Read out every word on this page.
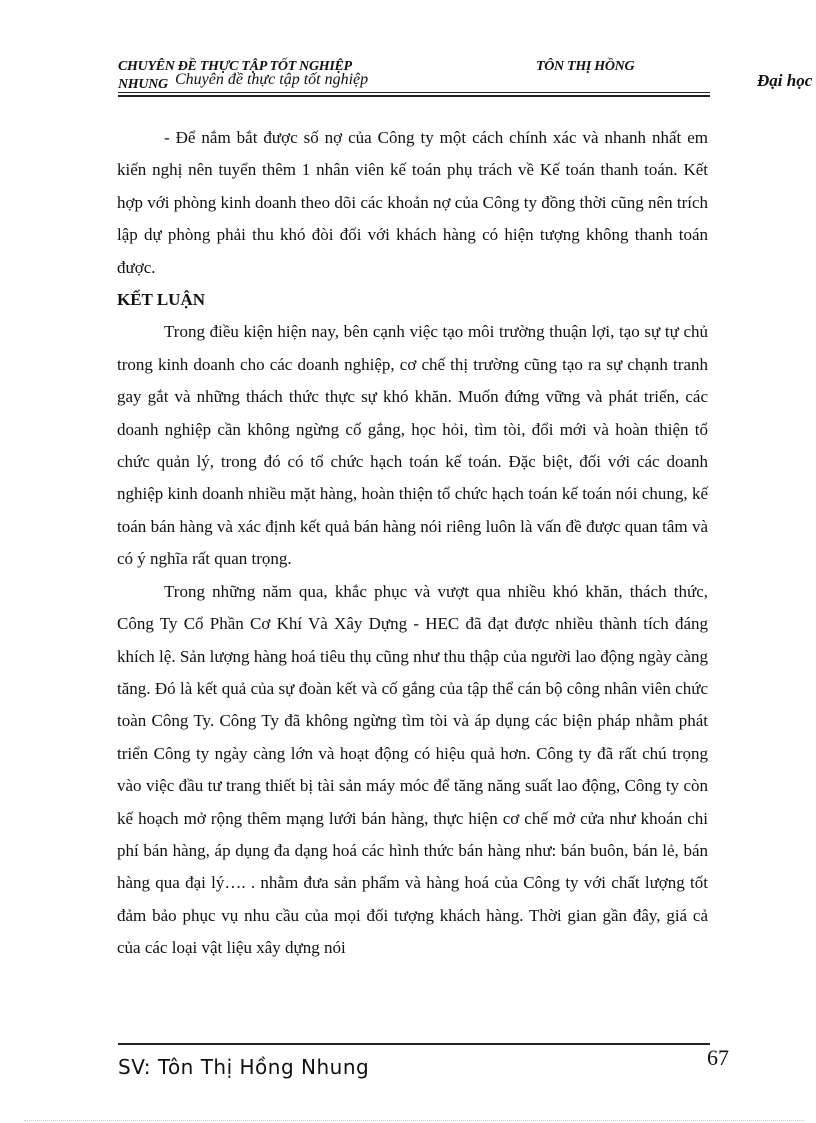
CHUYÊN ĐỀ THỰC TẬP TỐT NGHIỆP
NHUNG Chuyên đề thực tập tốt nghiệp
TÔN THỊ HỒNG
Đại học

- Để nắm bắt được số nợ của Công ty một cách chính xác và nhanh nhất em kiến nghị nên tuyển thêm 1 nhân viên kế toán phụ trách về Kế toán thanh toán. Kết hợp với phòng kinh doanh theo dõi các khoản nợ của Công ty đồng thời cũng nên trích lập dự phòng phải thu khó đòi đối với khách hàng có hiện tượng không thanh toán được.

KẾT LUẬN

Trong điều kiện hiện nay, bên cạnh việc tạo môi trường thuận lợi, tạo sự tự chủ trong kinh doanh cho các doanh nghiệp, cơ chế thị trường cũng tạo ra sự chạnh tranh gay gắt và những thách thức thực sự khó khăn. Muốn đứng vững và phát triển, các doanh nghiệp cần không ngừng cố gắng, học hỏi, tìm tòi, đổi mới và hoàn thiện tổ chức quản lý, trong đó có tổ chức hạch toán kế toán. Đặc biệt, đối với các doanh nghiệp kinh doanh nhiều mặt hàng, hoàn thiện tổ chức hạch toán kế toán nói chung, kế toán bán hàng và xác định kết quả bán hàng nói riêng luôn là vấn đề được quan tâm và có ý nghĩa rất quan trọng.

Trong những năm qua, khắc phục và vượt qua nhiều khó khăn, thách thức, Công Ty Cổ Phần Cơ Khí Và Xây Dựng - HEC đã đạt được nhiều thành tích đáng khích lệ. Sản lượng hàng hoá tiêu thụ cũng như thu thập của người lao động ngày càng tăng. Đó là kết quả của sự đoàn kết và cố gắng của tập thể cán bộ công nhân viên chức toàn Công Ty. Công Ty đã không ngừng tìm tòi và áp dụng các biện pháp nhằm phát triển Công ty ngày càng lớn và hoạt động có hiệu quả hơn. Công ty đã rất chú trọng vào việc đầu tư trang thiết bị tài sản máy móc để tăng năng suất lao động, Công ty còn kế hoạch mở rộng thêm mạng lưới bán hàng, thực hiện cơ chế mở cửa như khoán chi phí bán hàng, áp dụng đa dạng hoá các hình thức bán hàng như: bán buôn, bán lẻ, bán hàng qua đại lý…. . nhằm đưa sản phẩm và hàng hoá của Công ty với chất lượng tốt đảm bảo phục vụ nhu cầu của mọi đối tượng khách hàng. Thời gian gần đây, giá cả của các loại vật liệu xây dựng nói

SV: Tôn Thị Hồng Nhung	67
